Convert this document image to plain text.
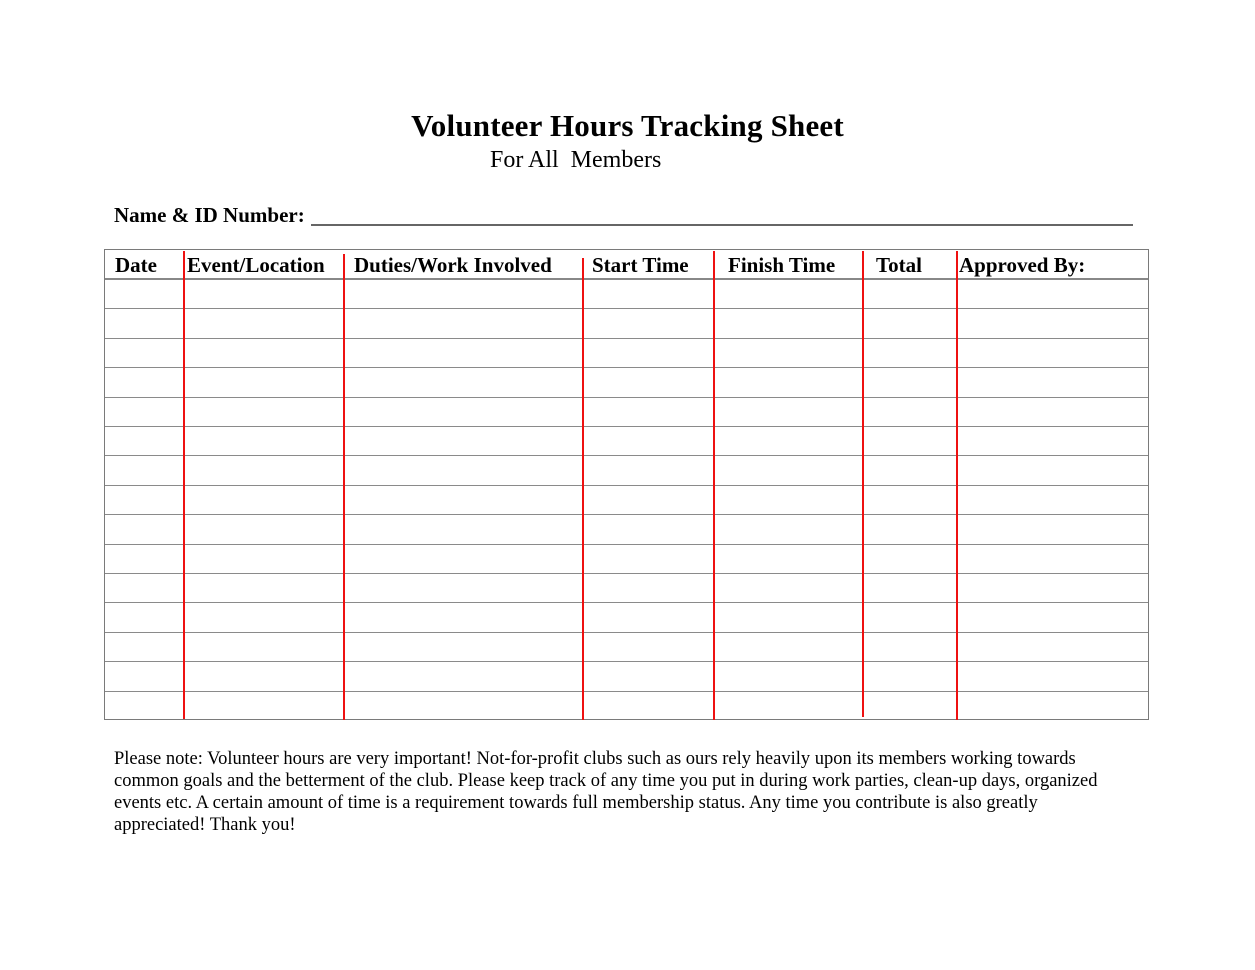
Volunteer Hours Tracking Sheet
For All  Members
Name & ID Number:
Date Event/Location Duties/Work Involved Start Time Finish Time Total Approved By:
Please note: Volunteer hours are very important! Not-for-profit clubs such as ours rely heavily upon its members working towards
common goals and the betterment of the club. Please keep track of any time you put in during work parties, clean-up days, organized
events etc. A certain amount of time is a requirement towards full membership status. Any time you contribute is also greatly
appreciated! Thank you!
